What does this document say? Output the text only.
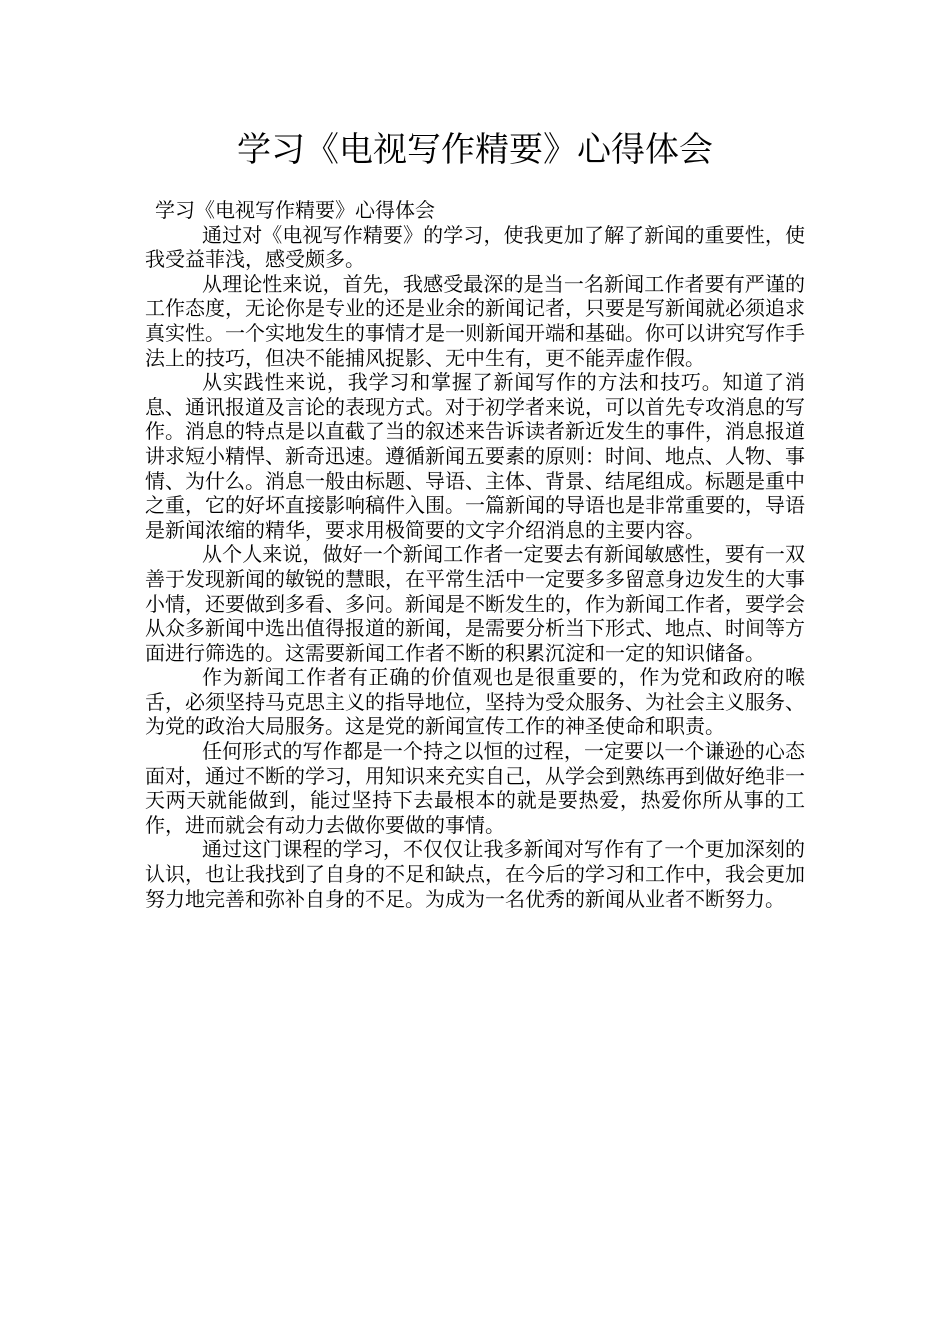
学习《电视写作精要》心得体会

学习《电视写作精要》心得体会

通过对《电视写作精要》的学习，使我更加了解了新闻的重要性，使我受益菲浅，感受颇多。

从理论性来说，首先，我感受最深的是当一名新闻工作者要有严谨的工作态度，无论你是专业的还是业余的新闻记者，只要是写新闻就必须追求真实性。一个实地发生的事情才是一则新闻开端和基础。你可以讲究写作手法上的技巧，但决不能捕风捉影、无中生有，更不能弄虚作假。

从实践性来说，我学习和掌握了新闻写作的方法和技巧。知道了消息、通讯报道及言论的表现方式。对于初学者来说，可以首先专攻消息的写作。消息的特点是以直截了当的叙述来告诉读者新近发生的事件，消息报道讲求短小精悍、新奇迅速。遵循新闻五要素的原则：时间、地点、人物、事情、为什么。消息一般由标题、导语、主体、背景、结尾组成。标题是重中之重，它的好坏直接影响稿件入围。一篇新闻的导语也是非常重要的，导语是新闻浓缩的精华，要求用极简要的文字介绍消息的主要内容。

从个人来说，做好一个新闻工作者一定要去有新闻敏感性，要有一双善于发现新闻的敏锐的慧眼，在平常生活中一定要多多留意身边发生的大事小情，还要做到多看、多问。新闻是不断发生的，作为新闻工作者，要学会从众多新闻中选出值得报道的新闻，是需要分析当下形式、地点、时间等方面进行筛选的。这需要新闻工作者不断的积累沉淀和一定的知识储备。

作为新闻工作者有正确的价值观也是很重要的，作为党和政府的喉舌，必须坚持马克思主义的指导地位，坚持为受众服务、为社会主义服务、为党的政治大局服务。这是党的新闻宣传工作的神圣使命和职责。

任何形式的写作都是一个持之以恒的过程，一定要以一个谦逊的心态面对，通过不断的学习，用知识来充实自己，从学会到熟练再到做好绝非一天两天就能做到，能过坚持下去最根本的就是要热爱，热爱你所从事的工作，进而就会有动力去做你要做的事情。

通过这门课程的学习，不仅仅让我多新闻对写作有了一个更加深刻的认识，也让我找到了自身的不足和缺点，在今后的学习和工作中，我会更加努力地完善和弥补自身的不足。为成为一名优秀的新闻从业者不断努力。
